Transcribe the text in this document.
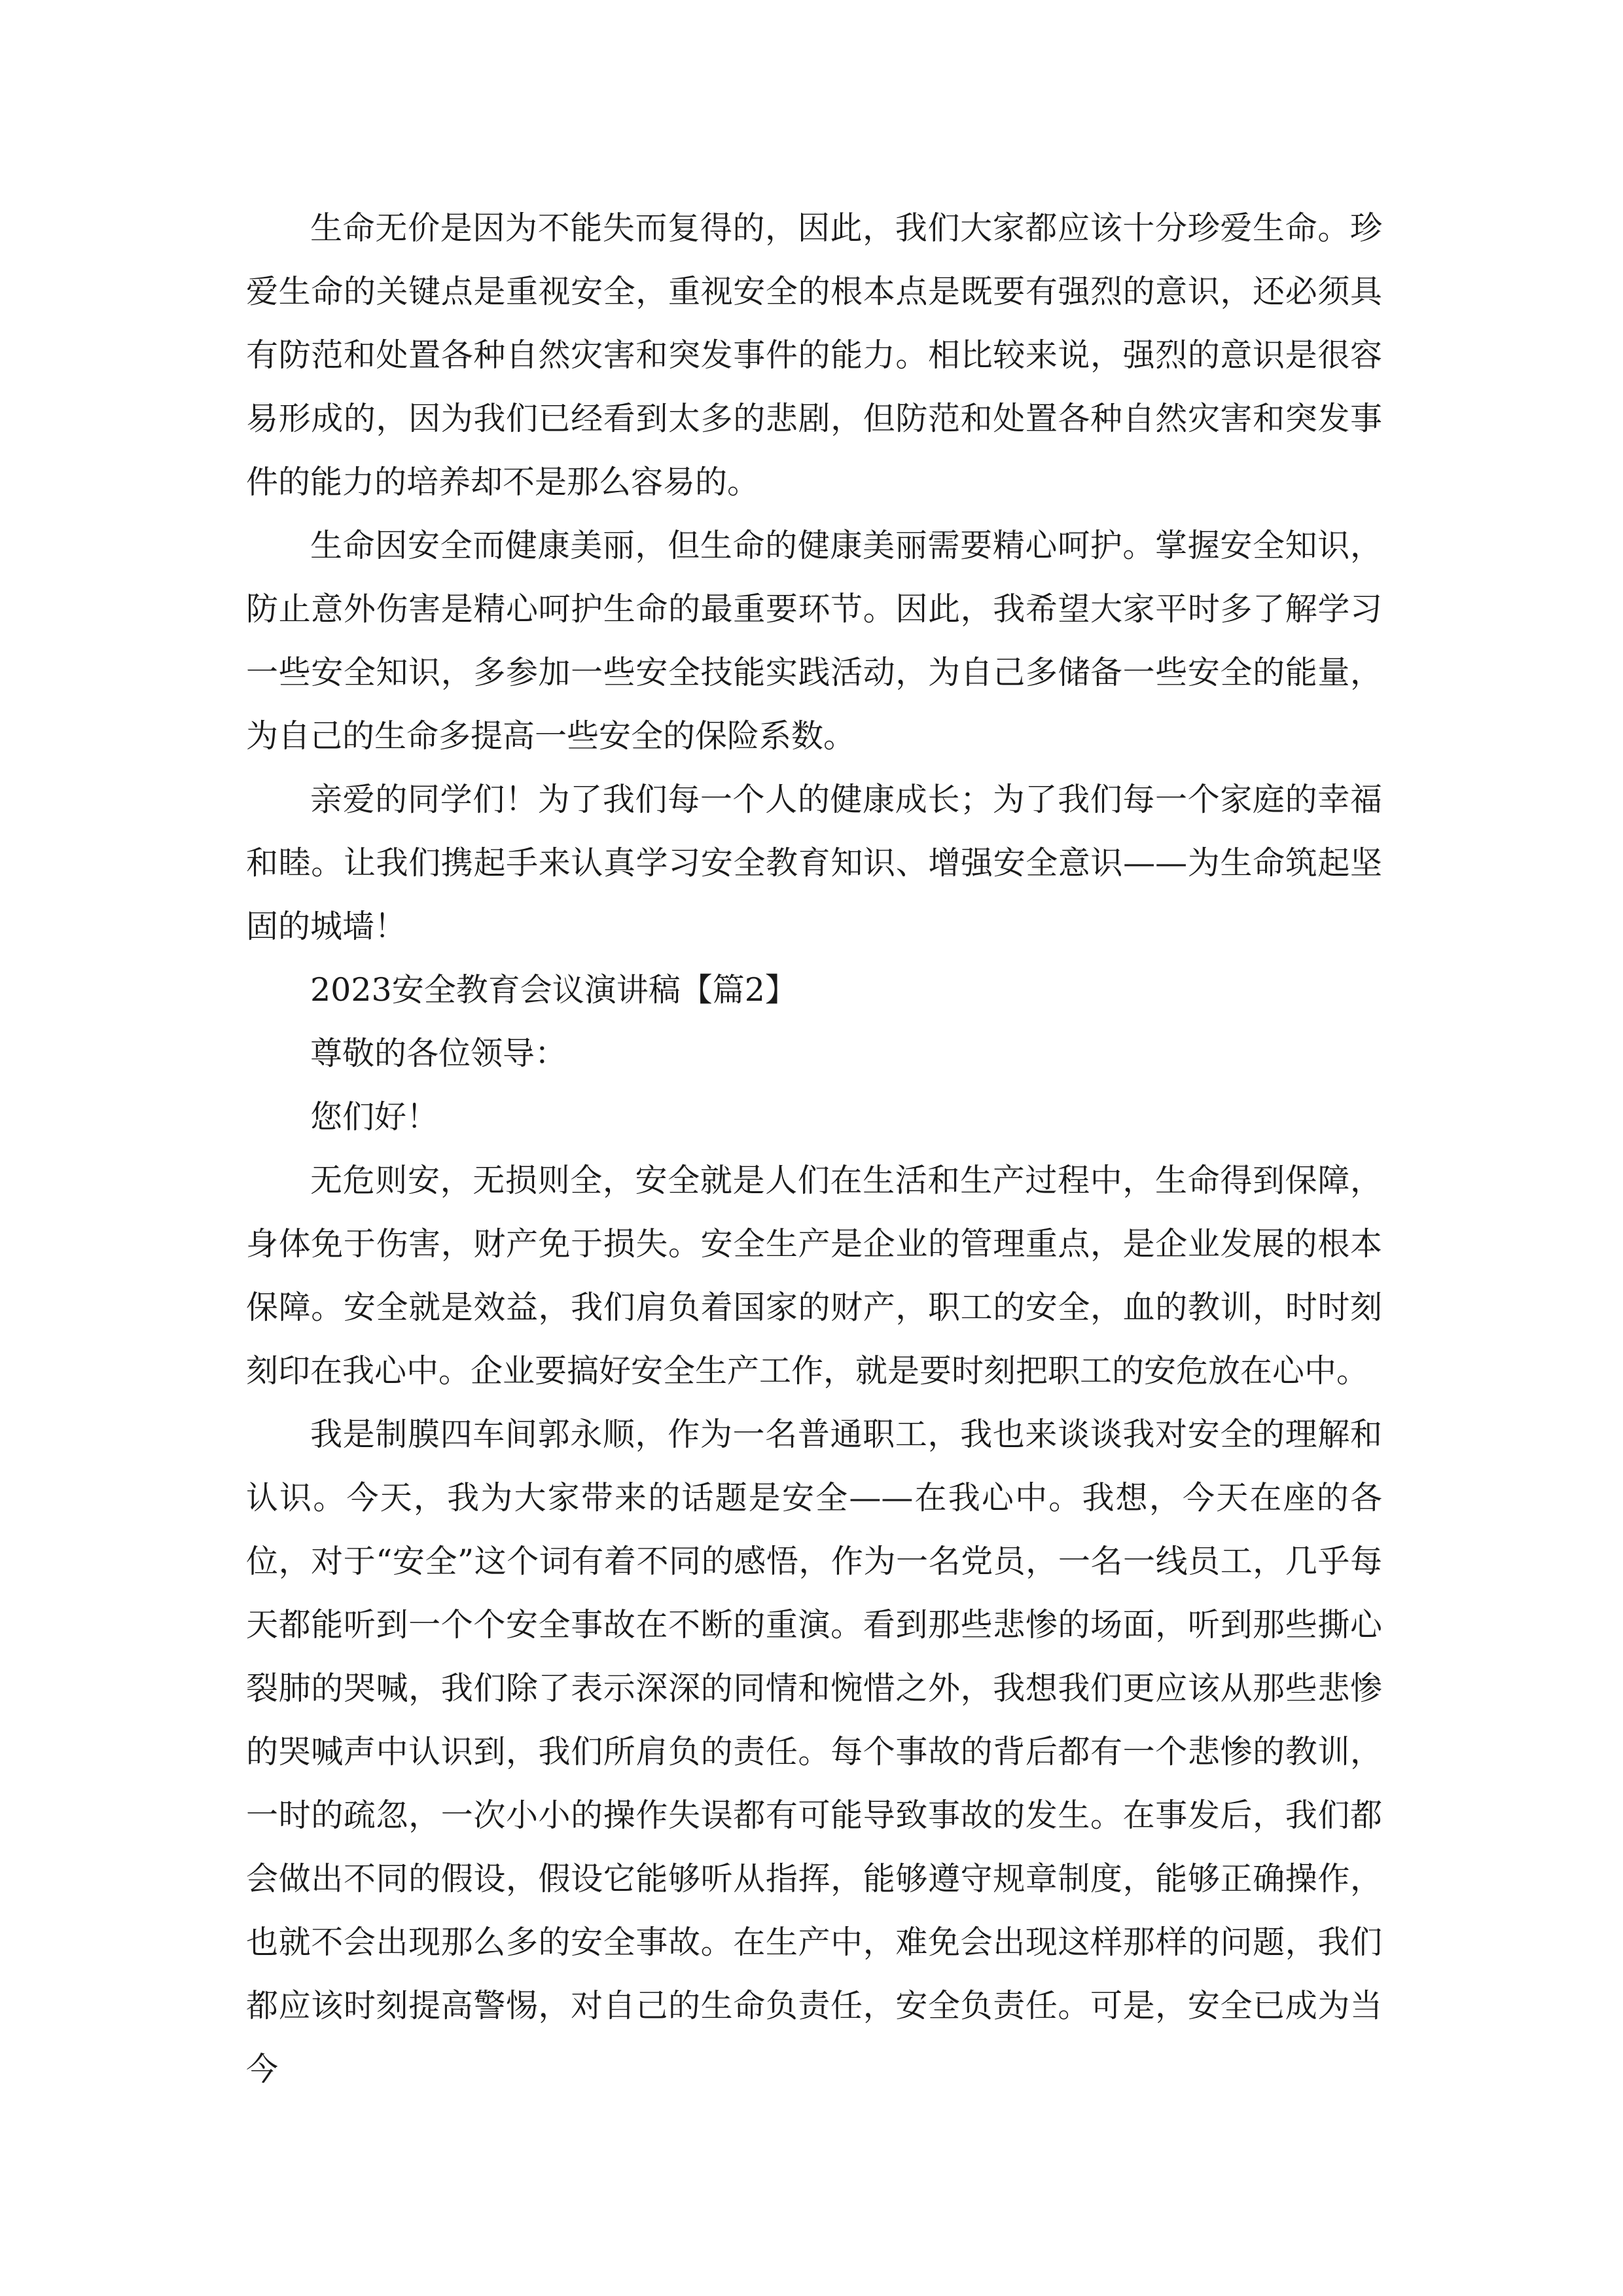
生命无价是因为不能失而复得的，因此，我们大家都应该十分珍爱生命。珍爱生命的关键点是重视安全，重视安全的根本点是既要有强烈的意识，还必须具有防范和处置各种自然灾害和突发事件的能力。相比较来说，强烈的意识是很容易形成的，因为我们已经看到太多的悲剧，但防范和处置各种自然灾害和突发事件的能力的培养却不是那么容易的。

生命因安全而健康美丽，但生命的健康美丽需要精心呵护。掌握安全知识，防止意外伤害是精心呵护生命的最重要环节。因此，我希望大家平时多了解学习一些安全知识，多参加一些安全技能实践活动，为自己多储备一些安全的能量，为自己的生命多提高一些安全的保险系数。

亲爱的同学们！为了我们每一个人的健康成长；为了我们每一个家庭的幸福和睦。让我们携起手来认真学习安全教育知识、增强安全意识——为生命筑起坚固的城墙！

2023安全教育会议演讲稿【篇2】

尊敬的各位领导：

您们好！

无危则安，无损则全，安全就是人们在生活和生产过程中，生命得到保障，身体免于伤害，财产免于损失。安全生产是企业的管理重点，是企业发展的根本保障。安全就是效益，我们肩负着国家的财产，职工的安全，血的教训，时时刻刻印在我心中。企业要搞好安全生产工作，就是要时刻把职工的安危放在心中。

我是制膜四车间郭永顺，作为一名普通职工，我也来谈谈我对安全的理解和认识。今天，我为大家带来的话题是安全——在我心中。我想，今天在座的各位，对于“安全”这个词有着不同的感悟，作为一名党员，一名一线员工，几乎每天都能听到一个个安全事故在不断的重演。看到那些悲惨的场面，听到那些撕心裂肺的哭喊，我们除了表示深深的同情和惋惜之外，我想我们更应该从那些悲惨的哭喊声中认识到，我们所肩负的责任。每个事故的背后都有一个悲惨的教训，一时的疏忽，一次小小的操作失误都有可能导致事故的发生。在事发后，我们都会做出不同的假设，假设它能够听从指挥，能够遵守规章制度，能够正确操作，也就不会出现那么多的安全事故。在生产中，难免会出现这样那样的问题，我们都应该时刻提高警惕，对自己的生命负责任，安全负责任。可是，安全已成为当今
